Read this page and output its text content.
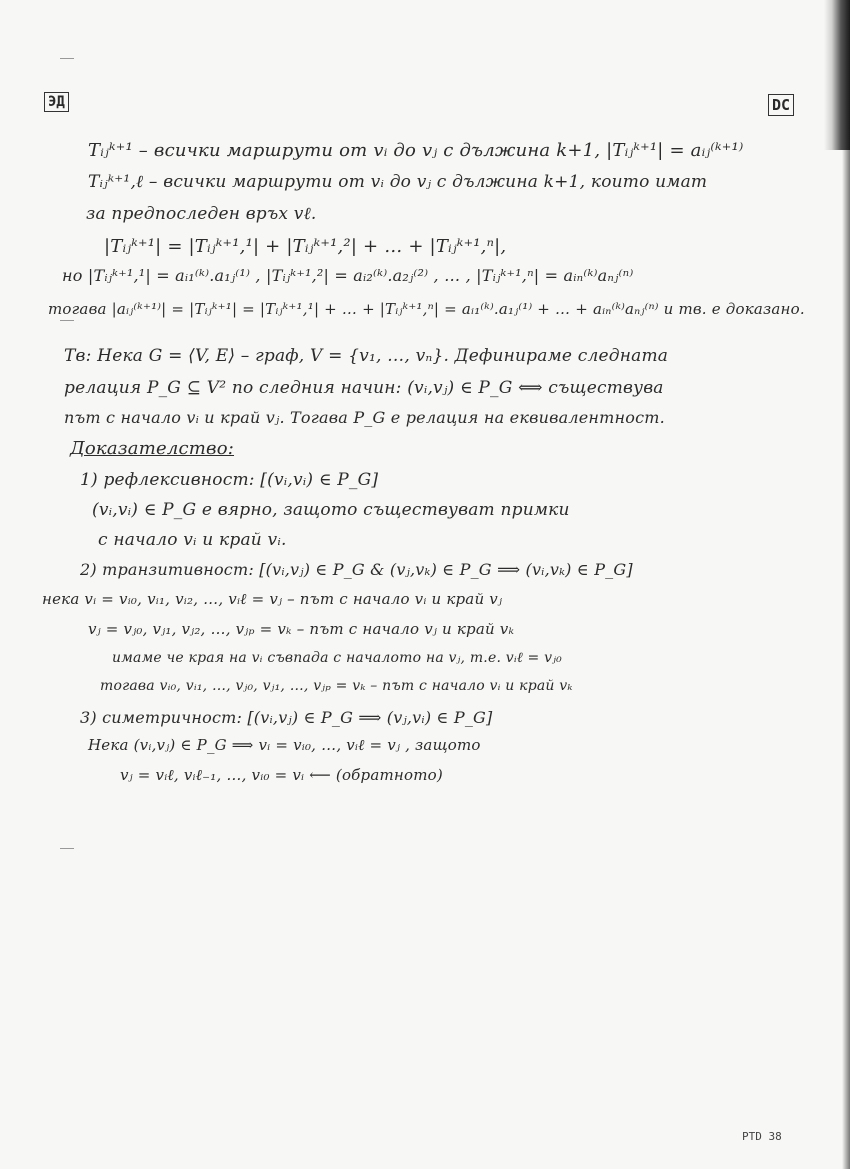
ЭД	DC
Tᵢⱼᵏ⁺¹ – всички маршрути от vᵢ до vⱼ с дължина k+1, |Tᵢⱼᵏ⁺¹| = aᵢⱼ⁽ᵏ⁺¹⁾
Tᵢⱼᵏ⁺¹,ℓ – всички маршрути от vᵢ до vⱼ с дължина k+1, които имат
за предпоследен връх vℓ.
|Tᵢⱼᵏ⁺¹| = |Tᵢⱼᵏ⁺¹,¹| + |Tᵢⱼᵏ⁺¹,²| + … + |Tᵢⱼᵏ⁺¹,ⁿ|,
но |Tᵢⱼᵏ⁺¹,¹| = aᵢ₁⁽ᵏ⁾.a₁ⱼ⁽¹⁾ , |Tᵢⱼᵏ⁺¹,²| = aᵢ₂⁽ᵏ⁾.a₂ⱼ⁽²⁾ , … , |Tᵢⱼᵏ⁺¹,ⁿ| = aᵢₙ⁽ᵏ⁾aₙⱼ⁽ⁿ⁾
тогава |aᵢⱼ⁽ᵏ⁺¹⁾| = |Tᵢⱼᵏ⁺¹| = |Tᵢⱼᵏ⁺¹,¹| + … + |Tᵢⱼᵏ⁺¹,ⁿ| = aᵢ₁⁽ᵏ⁾.a₁ⱼ⁽¹⁾ + … + aᵢₙ⁽ᵏ⁾aₙⱼ⁽ⁿ⁾ и тв. е доказано.
Тв: Нека G = ⟨V, E⟩ – граф, V = {v₁, …, vₙ}. Дефинираме следната
релация P_G ⊆ V² по следния начин: (vᵢ,vⱼ) ∈ P_G ⟺ съществува
път с начало vᵢ и край vⱼ. Тогава P_G е релация на еквивалентност.
Доказателство:
1) рефлексивност: [(vᵢ,vᵢ) ∈ P_G]
(vᵢ,vᵢ) ∈ P_G е вярно, защото съществуват примки
с начало vᵢ и край vᵢ.
2) транзитивност: [(vᵢ,vⱼ) ∈ P_G & (vⱼ,vₖ) ∈ P_G ⟹ (vᵢ,vₖ) ∈ P_G]
нека vᵢ = vᵢ₀, vᵢ₁, vᵢ₂, …, vᵢℓ = vⱼ – път с начало vᵢ и край vⱼ
vⱼ = vⱼ₀, vⱼ₁, vⱼ₂, …, vⱼₚ = vₖ – път с начало vⱼ и край vₖ
имаме че края на vᵢ съвпада с началото на vⱼ, т.е. vᵢℓ = vⱼ₀
тогава vᵢ₀, vᵢ₁, …, vⱼ₀, vⱼ₁, …, vⱼₚ = vₖ – път с начало vᵢ и край vₖ
3) симетричност: [(vᵢ,vⱼ) ∈ P_G ⟹ (vⱼ,vᵢ) ∈ P_G]
Нека (vᵢ,vⱼ) ∈ P_G ⟹ vᵢ = vᵢ₀, …, vᵢℓ = vⱼ , защото
vⱼ = vᵢℓ, vᵢℓ₋₁, …, vᵢ₀ = vᵢ ⟵ (обратното)
РТD 38
